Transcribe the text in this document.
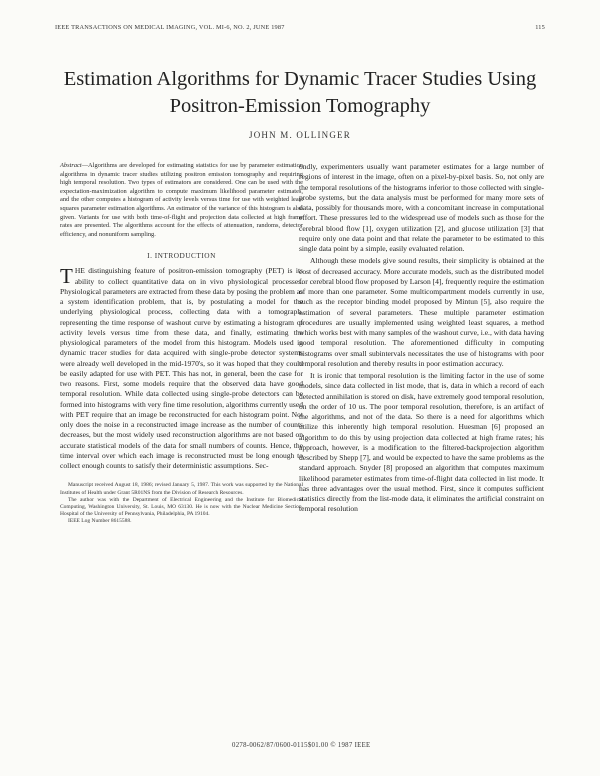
IEEE TRANSACTIONS ON MEDICAL IMAGING, VOL. MI-6, NO. 2, JUNE 1987	115
Estimation Algorithms for Dynamic Tracer Studies Using Positron-Emission Tomography
JOHN M. OLLINGER
Abstract—Algorithms are developed for estimating statistics for use by parameter estimation algorithms in dynamic tracer studies utilizing positron emission tomography and requiring high temporal resolution. Two types of estimators are considered. One can be used with the expectation-maximization algorithm to compute maximum likelihood parameter estimates, and the other computes a histogram of activity levels versus time for use with weighted least squares parameter estimation algorithms. An estimator of the variance of this histogram is also given. Variants for use with both time-of-flight and projection data collected at high frame rates are presented. The algorithms account for the effects of attenuation, randoms, detector efficiency, and nonuniform sampling.
I. INTRODUCTION

THE distinguishing feature of positron-emission tomography (PET) is its ability to collect quantitative data on in vivo physiological processes. Physiological parameters are extracted from these data by posing the problem as a system identification problem, that is, by postulating a model for the underlying physiological process, collecting data with a tomograph, representing the time response of washout curve by estimating a histogram of activity levels versus time from these data, and finally, estimating the physiological parameters of the model from this histogram. Models used in dynamic tracer studies for data acquired with single-probe detector systems were already well developed in the mid-1970's, so it was hoped that they could be easily adapted for use with PET. This has not, in general, been the case for two reasons. First, some models require that the observed data have good temporal resolution. While data collected using single-probe detectors can be formed into histograms with very fine time resolution, algorithms currently used with PET require that an image be reconstructed for each histogram point. Not only does the noise in a reconstructed image increase as the number of counts decreases, but the most widely used reconstruction algorithms are not based on accurate statistical models of the data for small numbers of counts. Hence, the time interval over which each image is reconstructed must be long enough to collect enough counts to satisfy their deterministic assumptions. Sec-

Manuscript received August 18, 1986; revised January 5, 1987. This work was supported by the National Institutes of Health under Grant 5R01NS from the Division of Research Resources.

The author was with the Department of Electrical Engineering and the Institute for Biomedical Computing, Washington University, St. Louis, MO 63130. He is now with the Nuclear Medicine Section, Hospital of the University of Pennsylvania, Philadelphia, PA 19104.

IEEE Log Number 8615588.

ondly, experimenters usually want parameter estimates for a large number of regions of interest in the image, often on a pixel-by-pixel basis. So, not only are the temporal resolutions of the histograms inferior to those collected with single-probe systems, but the data analysis must be performed for many more sets of data, possibly for thousands more, with a concomitant increase in computational effort. These pressures led to the widespread use of models such as those for the cerebral blood flow [1], oxygen utilization [2], and glucose utilization [3] that require only one data point and that relate the parameter to be estimated to this single data point by a simple, easily evaluated relation.

Although these models give sound results, their simplicity is obtained at the cost of decreased accuracy. More accurate models, such as the distributed model for cerebral blood flow proposed by Larson [4], frequently require the estimation of more than one parameter. Some multicompartment models currently in use, such as the receptor binding model proposed by Mintun [5], also require the estimation of several parameters. These multiple parameter estimation procedures are usually implemented using weighted least squares, a method which works best with many samples of the washout curve, i.e., with data having good temporal resolution. The aforementioned difficulty in computing histograms over small subintervals necessitates the use of histograms with poor temporal resolution and thereby results in poor estimation accuracy.

It is ironic that temporal resolution is the limiting factor in the use of some models, since data collected in list mode, that is, data in which a record of each detected annihilation is stored on disk, have extremely good temporal resolution, on the order of 10 us. The poor temporal resolution, therefore, is an artifact of the algorithms, and not of the data. So there is a need for algorithms which utilize this inherently high temporal resolution. Huesman [6] proposed an algorithm to do this by using projection data collected at high frame rates; his approach, however, is a modification to the filtered-backprojection algorithm described by Shepp [7], and would be expected to have the same problems as the standard approach. Snyder [8] proposed an algorithm that computes maximum likelihood parameter estimates from time-of-flight data collected in list mode. It has three advantages over the usual method. First, since it computes sufficient statistics directly from the list-mode data, it eliminates the artificial constraint on temporal resolution

0278-0062/87/0600-0115$01.00 © 1987 IEEE
